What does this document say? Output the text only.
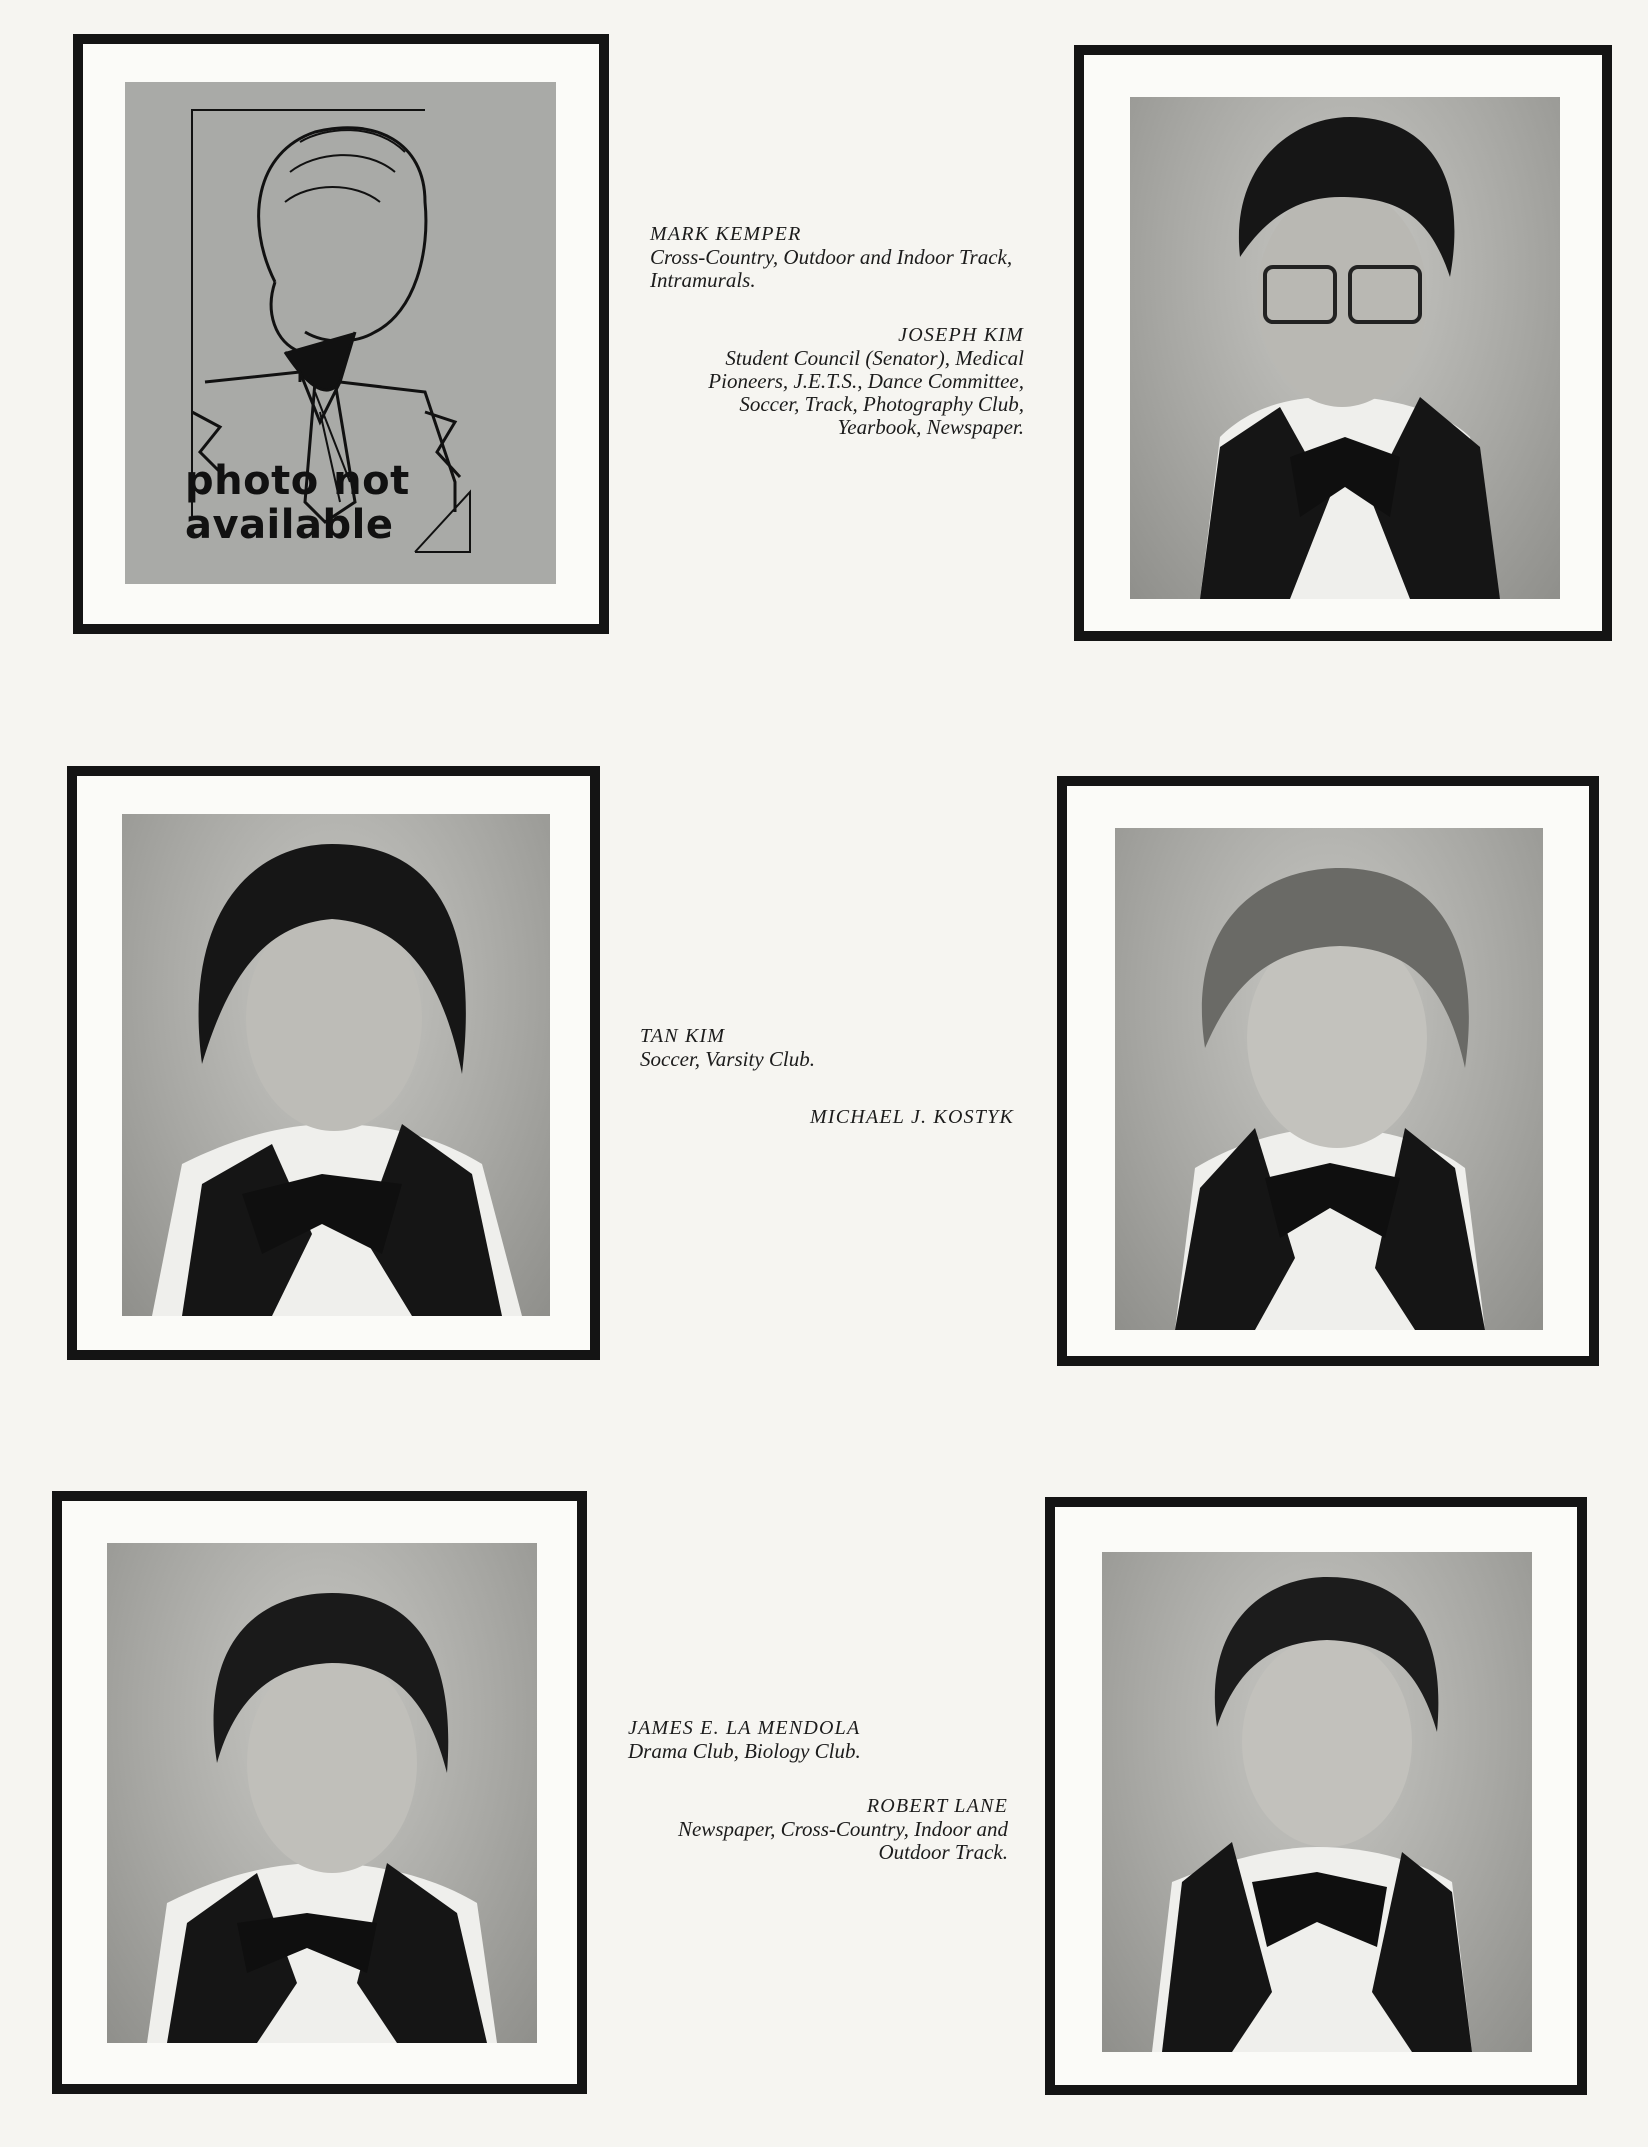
photo not
available
MARK KEMPER
Cross-Country, Outdoor and Indoor Track, Intramurals.
JOSEPH KIM
Student Council (Senator), Medical Pioneers, J.E.T.S., Dance Committee, Soccer, Track, Photography Club, Yearbook, Newspaper.
TAN KIM
Soccer, Varsity Club.
MICHAEL J. KOSTYK
JAMES E. LA MENDOLA
Drama Club, Biology Club.
ROBERT LANE
Newspaper, Cross-Country, Indoor and Outdoor Track.
